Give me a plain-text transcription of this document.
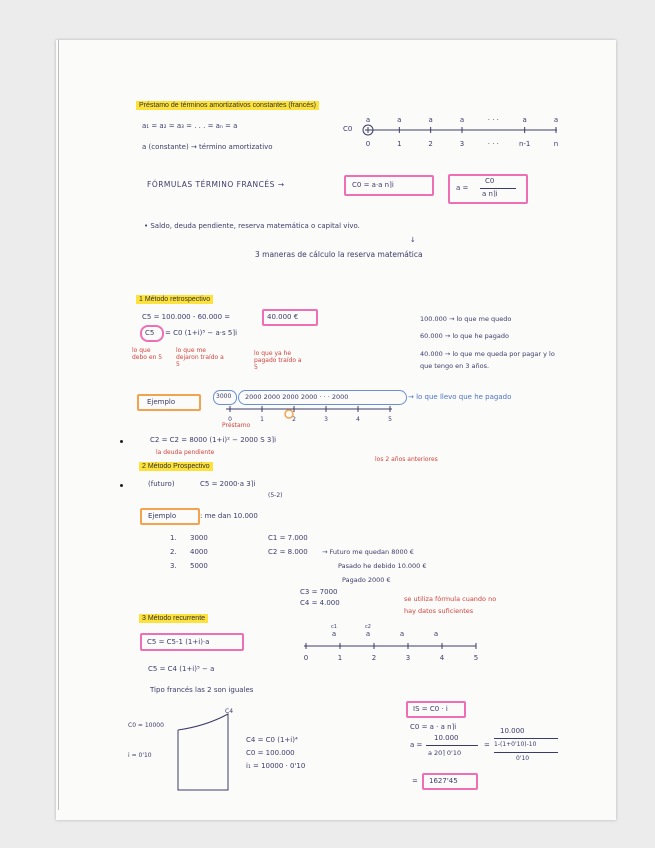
Préstamo de términos amortizativos constantes (francés)
a₁ = a₂ = a₃ = . . . = aₙ = a
a (constante) → término amortizativo
a
0
a
1
a
2
a
3
· · ·
· · ·
a
n-1
a
n
C0
FÓRMULAS TÉRMINO FRANCÉS →	C0 = a·a n⌉i	a =
C0
a n⌉i
• Saldo, deuda pendiente, reserva matemática o capital vivo.
↓
3 maneras de cálculo la reserva matemática
1 Método retrospectivo
C5 = 100.000 - 60.000 =	40.000 €
C5 = C0 (1+i)⁵ − a·s 5⌉i
lo que debo en 5
lo que me dejaron traído a 5
lo que ya he pagado traído a 5
100.000 → lo que me quedo
60.000 → lo que he pagado
40.000 → lo que me queda por pagar y lo que tengo en 3 años.
Ejemplo
3000 2000 2000 2000 2000 · · · 2000	→ lo que llevo que he pagado
0	1	2	3	4	5
Préstamo
C2 = C2 = 8000 (1+i)² − 2000 S 3⌉i
la deuda pendiente
los 2 años anteriores
2 Método Prospectivo
(futuro)	C5 = 2000·a 3⌉i
(5-2)
Ejemplo	: me dan 10.000
1. 3000
2. 4000
3. 5000
C1 = 7.000
C2 = 8.000 → Futuro me quedan 8000 €
Pasado he debido 10.000 €
Pagado 2000 €
C3 = 7000
C4 = 4.000	se utiliza fórmula cuando no
hay datos suficientes
3 Método recurrente
C5 = C5-1 (1+i)·a
0	1
a
2
a
3
a
4
a
5
c1	c2
C5 = C4 (1+i)⁵ − a
Tipo francés las 2 son iguales
C0 = 10000
i = 0'10
C4
C4 = C0 (1+i)⁴
C0 = 100.000
i₁ = 10000 · 0'10
IS = C0 · i
C0 = a · a n⌉i
a =
10.000
a 20⌉ 0'10
=
10.000
1-(1+0'10)-10
0'10
= 1627'45
